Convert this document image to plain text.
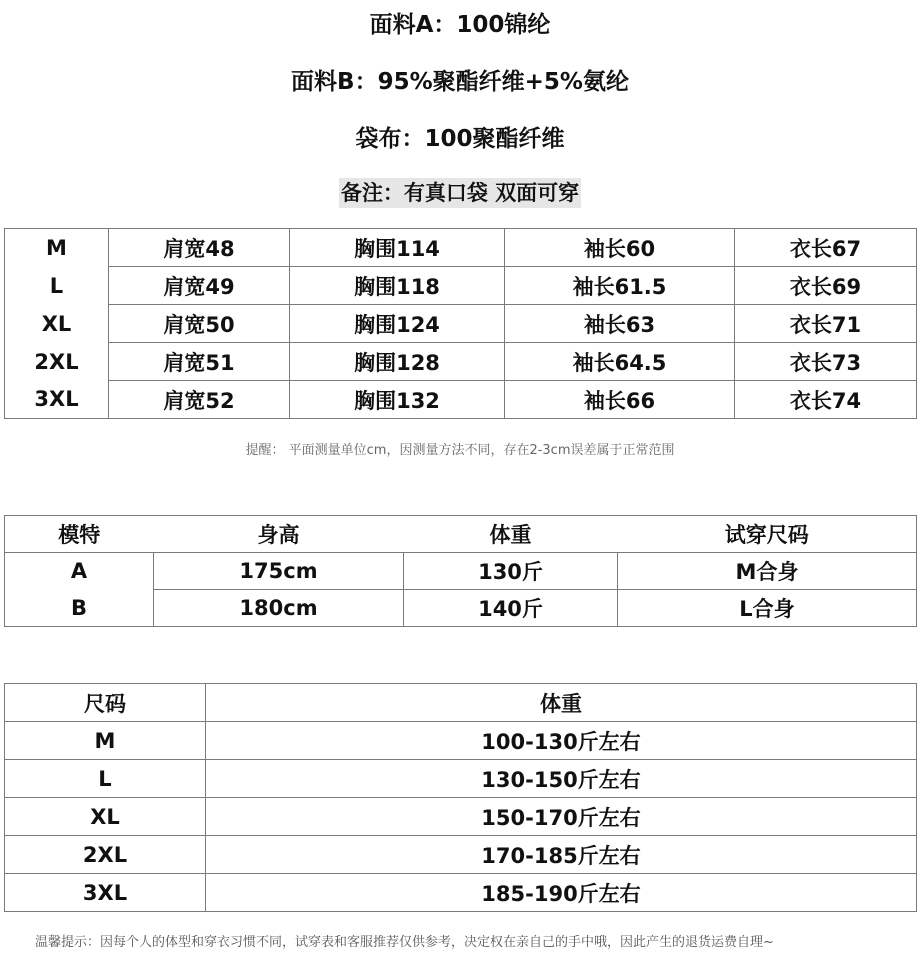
面料A：100锦纶
面料B：95%聚酯纤维+5%氨纶
袋布：100聚酯纤维
备注：有真口袋 双面可穿
M	肩宽48	胸围114	袖长60	衣长67
L	肩宽49	胸围118	袖长61.5	衣长69
XL	肩宽50	胸围124	袖长63	衣长71
2XL	肩宽51	胸围128	袖长64.5	衣长73
3XL	肩宽52	胸围132	袖长66	衣长74
提醒： 平面测量单位cm，因测量方法不同，存在2-3cm误差属于正常范围
模特	身高	体重	试穿尺码
A	175cm	130斤	M合身
B	180cm	140斤	L合身
尺码	体重
M	100-130斤左右
L	130-150斤左右
XL	150-170斤左右
2XL	170-185斤左右
3XL	185-190斤左右
温馨提示：因每个人的体型和穿衣习惯不同，试穿表和客服推荐仅供参考，决定权在亲自己的手中哦，因此产生的退货运费自理~
